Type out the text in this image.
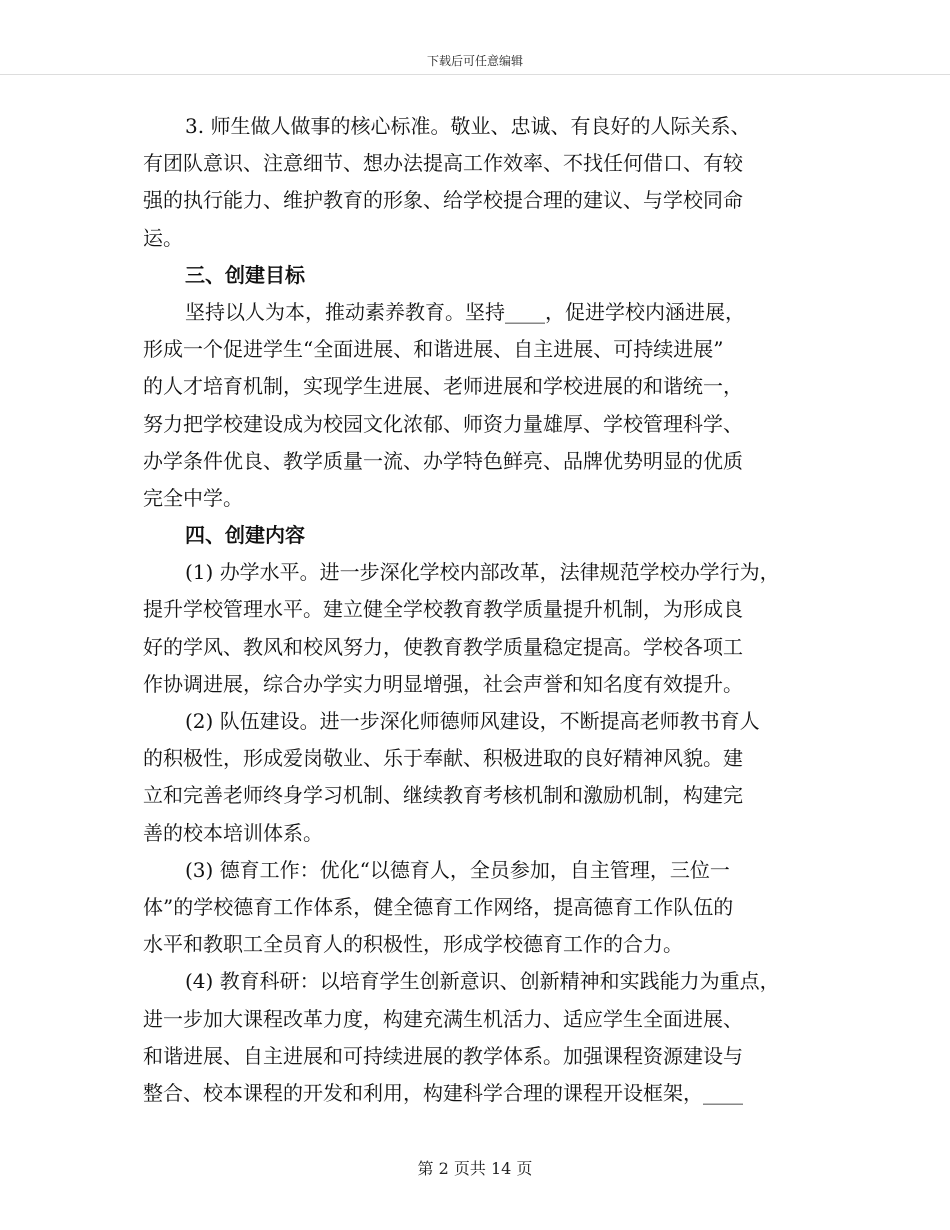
下载后可任意编辑
3. 师生做人做事的核心标准。敬业、忠诚、有良好的人际关系、
有团队意识、注意细节、想办法提高工作效率、不找任何借口、有较
强的执行能力、维护教育的形象、给学校提合理的建议、与学校同命
运。
三、创建目标
坚持以人为本，推动素养教育。坚持____，促进学校内涵进展，
形成一个促进学生“全面进展、和谐进展、自主进展、可持续进展”
的人才培育机制，实现学生进展、老师进展和学校进展的和谐统一，
努力把学校建设成为校园文化浓郁、师资力量雄厚、学校管理科学、
办学条件优良、教学质量一流、办学特色鲜亮、品牌优势明显的优质
完全中学。
四、创建内容
(1) 办学水平。进一步深化学校内部改革，法律规范学校办学行为，
提升学校管理水平。建立健全学校教育教学质量提升机制，为形成良
好的学风、教风和校风努力，使教育教学质量稳定提高。学校各项工
作协调进展，综合办学实力明显增强，社会声誉和知名度有效提升。
(2) 队伍建设。进一步深化师德师风建设，不断提高老师教书育人
的积极性，形成爱岗敬业、乐于奉献、积极进取的良好精神风貌。建
立和完善老师终身学习机制、继续教育考核机制和激励机制，构建完
善的校本培训体系。
(3) 德育工作：优化“以德育人，全员参加，自主管理，三位一
体”的学校德育工作体系，健全德育工作网络，提高德育工作队伍的
水平和教职工全员育人的积极性，形成学校德育工作的合力。
(4) 教育科研：以培育学生创新意识、创新精神和实践能力为重点，
进一步加大课程改革力度，构建充满生机活力、适应学生全面进展、
和谐进展、自主进展和可持续进展的教学体系。加强课程资源建设与
整合、校本课程的开发和利用，构建科学合理的课程开设框架，____
第 2 页共 14 页
